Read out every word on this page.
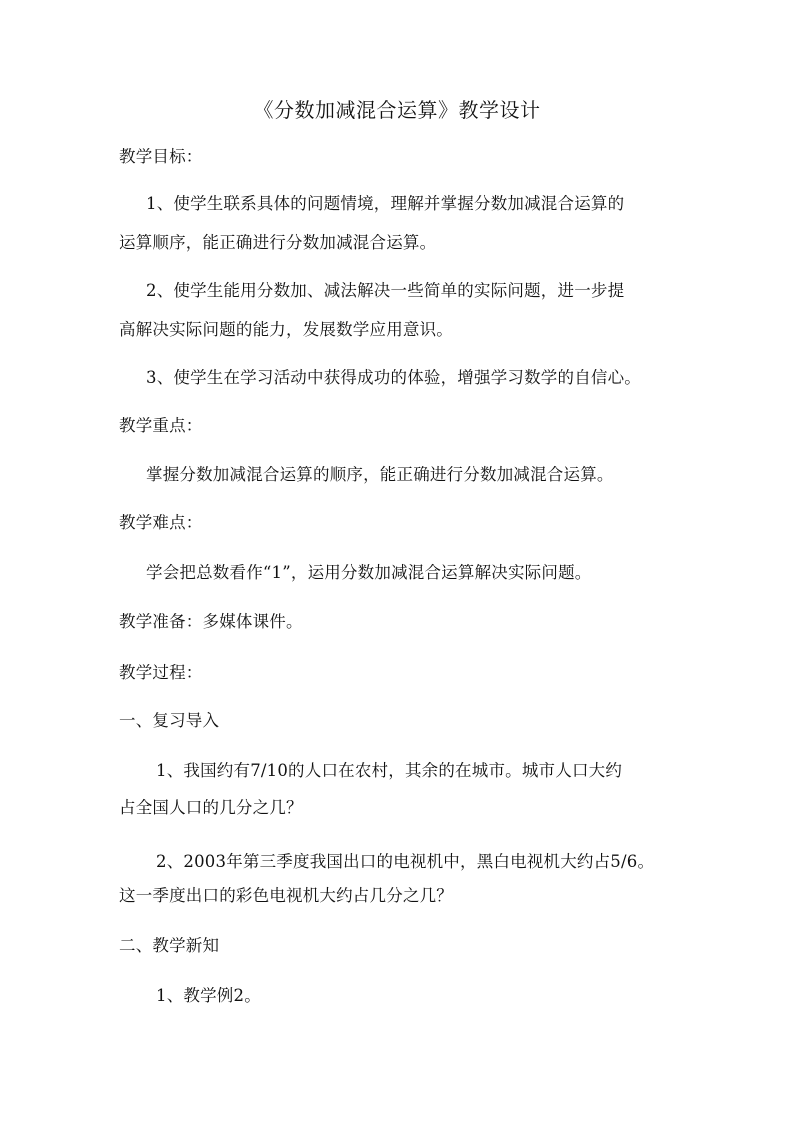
《分数加减混合运算》教学设计
教学目标：
1、使学生联系具体的问题情境，理解并掌握分数加减混合运算的
运算顺序，能正确进行分数加减混合运算。
2、使学生能用分数加、减法解决一些简单的实际问题，进一步提
高解决实际问题的能力，发展数学应用意识。
3、使学生在学习活动中获得成功的体验，增强学习数学的自信心。
教学重点：
掌握分数加减混合运算的顺序，能正确进行分数加减混合运算。
教学难点：
学会把总数看作“1”，运用分数加减混合运算解决实际问题。
教学准备：多媒体课件。
教学过程：
一、复习导入
1、我国约有7/10的人口在农村，其余的在城市。城市人口大约
占全国人口的几分之几？
2、2003年第三季度我国出口的电视机中，黑白电视机大约占5/6。
这一季度出口的彩色电视机大约占几分之几？
二、教学新知
1、教学例2。
